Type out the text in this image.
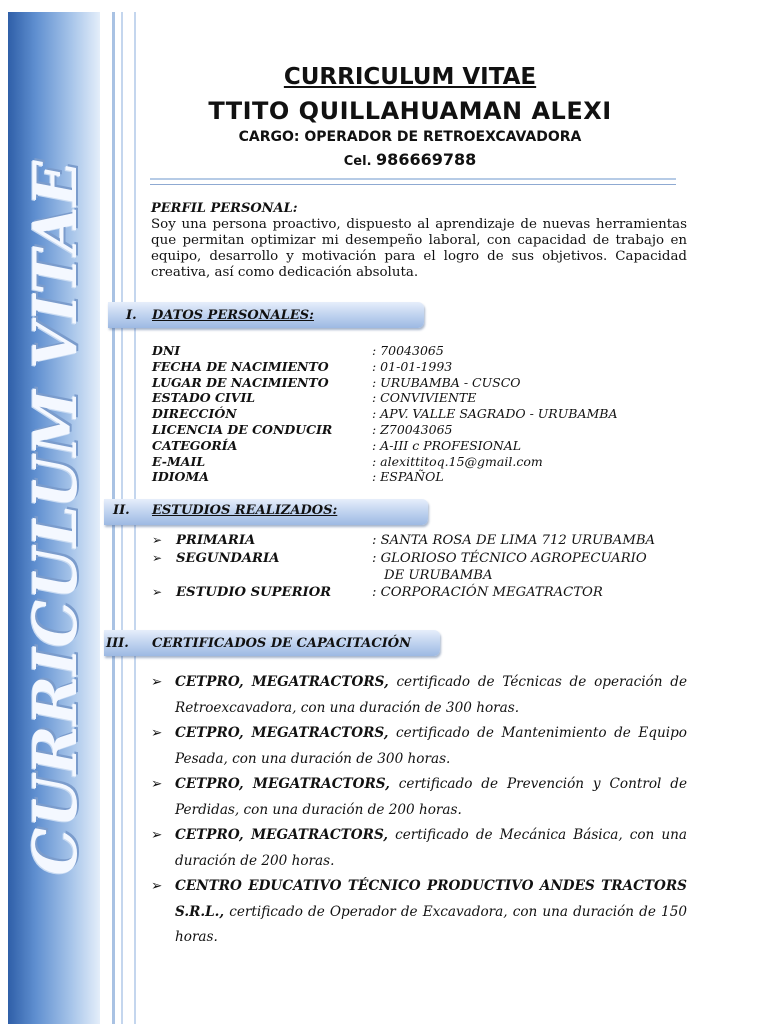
CURRICULUM VITAE
CURRICULUM VITAE
TTITO QUILLAHUAMAN ALEXI
CARGO: OPERADOR DE RETROEXCAVADORA
Cel. 986669788
PERFIL PERSONAL:
Soy una persona proactivo, dispuesto al aprendizaje de nuevas herramientas que permitan optimizar mi desempeño laboral, con capacidad de trabajo en equipo, desarrollo y motivación para el logro de sus objetivos. Capacidad creativa, así como dedicación absoluta.
I. DATOS PERSONALES:
DNI	: 70043065
FECHA DE NACIMIENTO	: 01-01-1993
LUGAR DE NACIMIENTO	: URUBAMBA - CUSCO
ESTADO CIVIL	: CONVIVIENTE
DIRECCIÓN	: APV. VALLE SAGRADO - URUBAMBA
LICENCIA DE CONDUCIR	: Z70043065
CATEGORÍA	: A-III c PROFESIONAL
E-MAIL	: alexittitoq.15@gmail.com
IDIOMA	: ESPAÑOL
II. ESTUDIOS REALIZADOS:
➢ PRIMARIA	: SANTA ROSA DE LIMA 712 URUBAMBA
➢ SEGUNDARIA	: GLORIOSO TÉCNICO AGROPECUARIO
DE URUBAMBA
➢ ESTUDIO SUPERIOR	: CORPORACIÓN MEGATRACTOR
III. CERTIFICADOS DE CAPACITACIÓN
➢ CETPRO, MEGATRACTORS, certificado de Técnicas de operación de Retroexcavadora, con una duración de 300 horas.
➢ CETPRO, MEGATRACTORS, certificado de Mantenimiento de Equipo Pesada, con una duración de 300 horas.
➢ CETPRO, MEGATRACTORS, certificado de Prevención y Control de Perdidas, con una duración de 200 horas.
➢ CETPRO, MEGATRACTORS, certificado de Mecánica Básica, con una duración de 200 horas.
➢ CENTRO EDUCATIVO TÉCNICO PRODUCTIVO ANDES TRACTORS S.R.L., certificado de Operador de Excavadora, con una duración de 150 horas.
